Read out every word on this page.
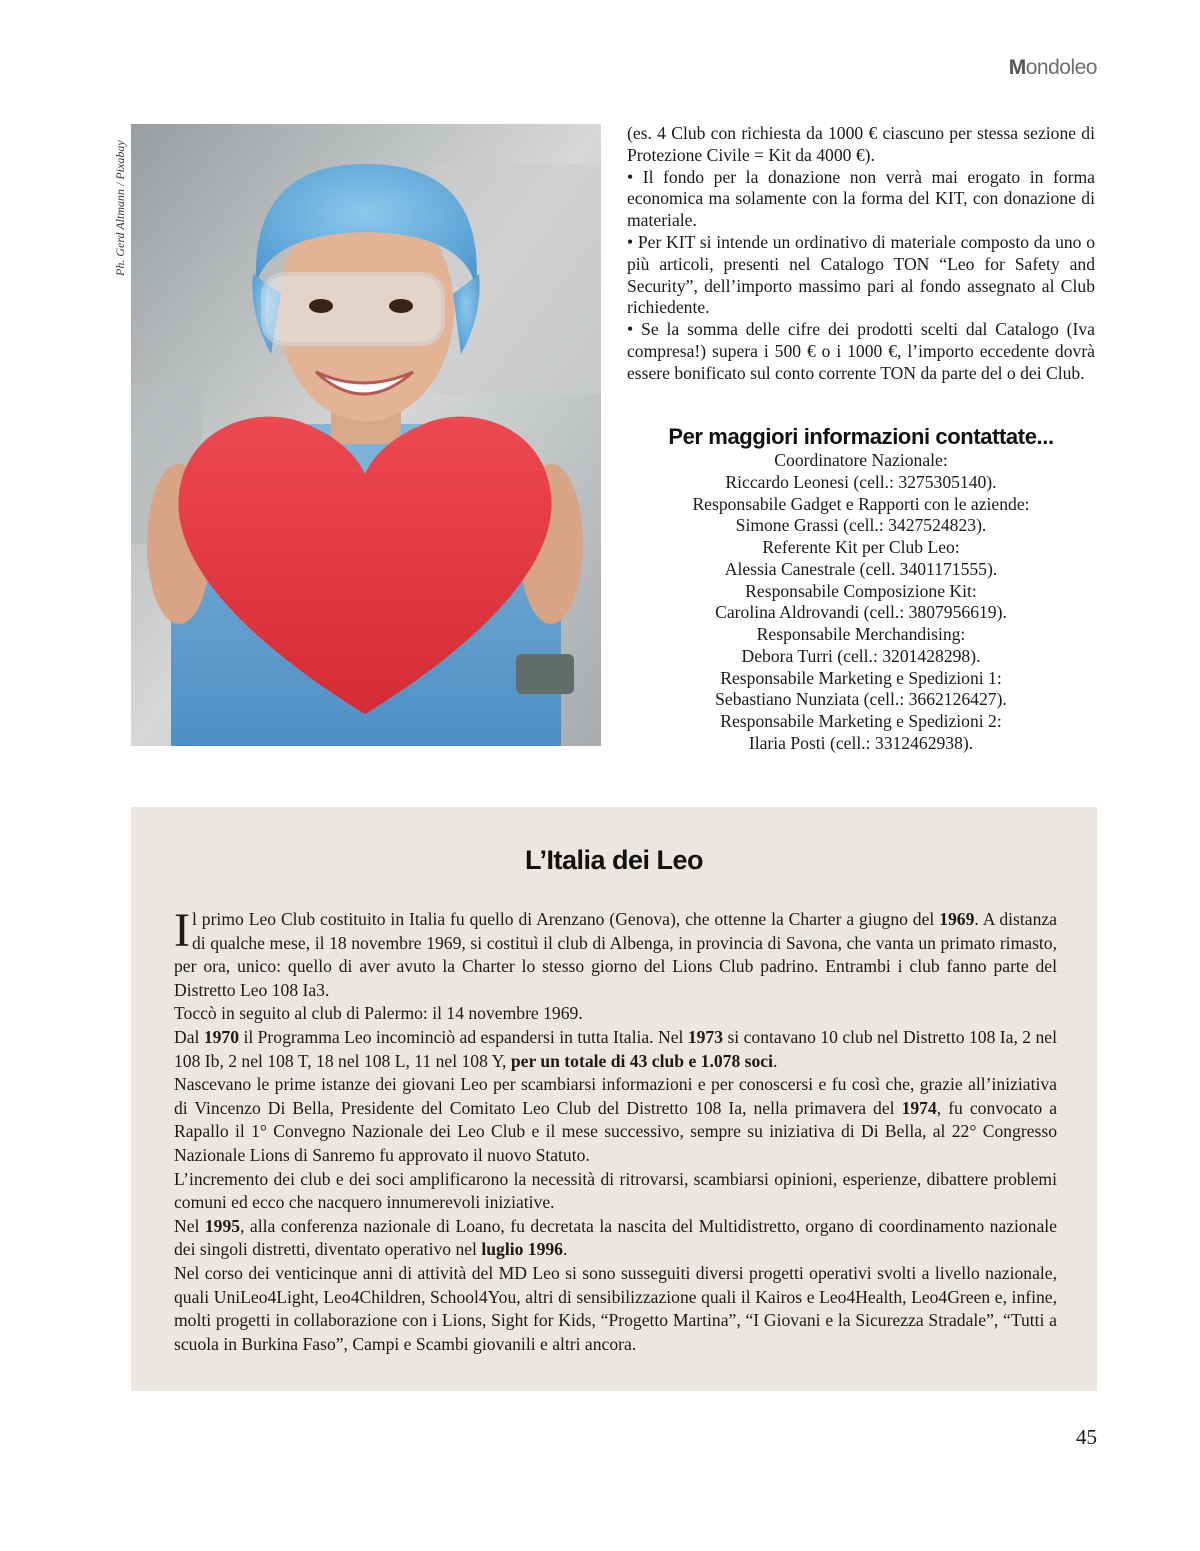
Mondoleo
Ph. Gerd Altmann / Pixabay

(es. 4 Club con richiesta da 1000 € ciascuno per stessa sezione di Protezione Civile = Kit da 4000 €).

• Il fondo per la donazione non verrà mai erogato in forma economica ma solamente con la forma del KIT, con donazione di materiale.

• Per KIT si intende un ordinativo di materiale composto da uno o più articoli, presenti nel Catalogo TON “Leo for Safety and Security”, dell’importo massimo pari al fondo assegnato al Club richiedente.

• Se la somma delle cifre dei prodotti scelti dal Catalogo (Iva compresa!) supera i 500 € o i 1000 €, l’importo eccedente dovrà essere bonificato sul conto corrente TON da parte del o dei Club.

Per maggiori informazioni contattate...
Coordinatore Nazionale:
Riccardo Leonesi (cell.: 3275305140).
Responsabile Gadget e Rapporti con le aziende:
Simone Grassi (cell.: 3427524823).
Referente Kit per Club Leo:
Alessia Canestrale (cell. 3401171555).
Responsabile Composizione Kit:
Carolina Aldrovandi (cell.: 3807956619).
Responsabile Merchandising:
Debora Turri (cell.: 3201428298).
Responsabile Marketing e Spedizioni 1:
Sebastiano Nunziata (cell.: 3662126427).
Responsabile Marketing e Spedizioni 2:
Ilaria Posti (cell.: 3312462938).
L’Italia dei Leo

Il primo Leo Club costituito in Italia fu quello di Arenzano (Genova), che ottenne la Charter a giugno del 1969. A distanza di qualche mese, il 18 novembre 1969, si costituì il club di Albenga, in provincia di Savona, che vanta un primato rimasto, per ora, unico: quello di aver avuto la Charter lo stesso giorno del Lions Club padrino. Entrambi i club fanno parte del Distretto Leo 108 Ia3.

Toccò in seguito al club di Palermo: il 14 novembre 1969.

Dal 1970 il Programma Leo incominciò ad espandersi in tutta Italia. Nel 1973 si contavano 10 club nel Distretto 108 Ia, 2 nel 108 Ib, 2 nel 108 T, 18 nel 108 L, 11 nel 108 Y, per un totale di 43 club e 1.078 soci.

Nascevano le prime istanze dei giovani Leo per scambiarsi informazioni e per conoscersi e fu così che, grazie all’iniziativa di Vincenzo Di Bella, Presidente del Comitato Leo Club del Distretto 108 Ia, nella primavera del 1974, fu convocato a Rapallo il 1° Convegno Nazionale dei Leo Club e il mese successivo, sempre su iniziativa di Di Bella, al 22° Congresso Nazionale Lions di Sanremo fu approvato il nuovo Statuto.

L’incremento dei club e dei soci amplificarono la necessità di ritrovarsi, scambiarsi opinioni, esperienze, dibattere problemi comuni ed ecco che nacquero innumerevoli iniziative.

Nel 1995, alla conferenza nazionale di Loano, fu decretata la nascita del Multidistretto, organo di coordinamento nazionale dei singoli distretti, diventato operativo nel luglio 1996.

Nel corso dei venticinque anni di attività del MD Leo si sono susseguiti diversi progetti operativi svolti a livello nazionale, quali UniLeo4Light, Leo4Children, School4You, altri di sensibilizzazione quali il Kairos e Leo4Health, Leo4Green e, infine, molti progetti in collaborazione con i Lions, Sight for Kids, “Progetto Martina”, “I Giovani e la Sicurezza Stradale”, “Tutti a scuola in Burkina Faso”, Campi e Scambi giovanili e altri ancora.

45
